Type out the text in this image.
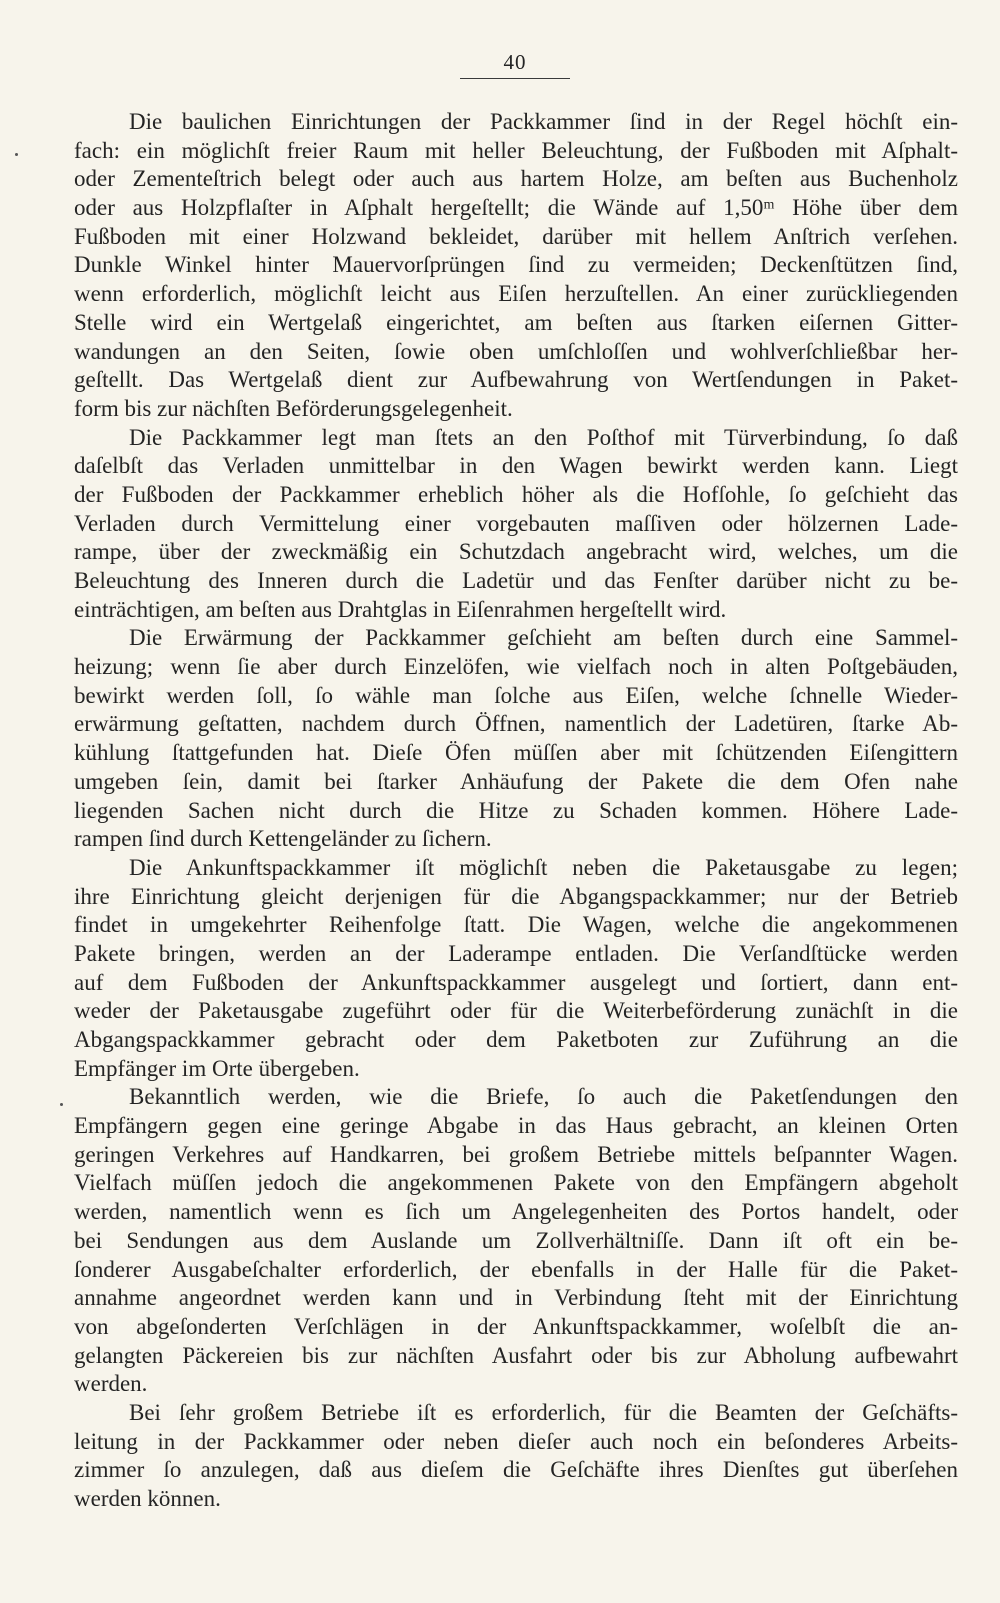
40
Die baulichen Einrichtungen der Packkammer ſind in der Regel höchſt ein-
fach: ein möglichſt freier Raum mit heller Beleuchtung, der Fußboden mit Aſphalt-
oder Zementeſtrich belegt oder auch aus hartem Holze, am beſten aus Buchenholz
oder aus Holzpflaſter in Aſphalt hergeſtellt; die Wände auf 1,50ᵐ Höhe über dem
Fußboden mit einer Holzwand bekleidet, darüber mit hellem Anſtrich verſehen.
Dunkle Winkel hinter Mauervorſprüngen ſind zu vermeiden; Deckenſtützen ſind,
wenn erforderlich, möglichſt leicht aus Eiſen herzuſtellen. An einer zurückliegenden
Stelle wird ein Wertgelaß eingerichtet, am beſten aus ſtarken eiſernen Gitter-
wandungen an den Seiten, ſowie oben umſchloſſen und wohlverſchließbar her-
geſtellt. Das Wertgelaß dient zur Aufbewahrung von Wertſendungen in Paket-
form bis zur nächſten Beförderungsgelegenheit.
Die Packkammer legt man ſtets an den Poſthof mit Türverbindung, ſo daß
daſelbſt das Verladen unmittelbar in den Wagen bewirkt werden kann. Liegt
der Fußboden der Packkammer erheblich höher als die Hofſohle, ſo geſchieht das
Verladen durch Vermittelung einer vorgebauten maſſiven oder hölzernen Lade-
rampe, über der zweckmäßig ein Schutzdach angebracht wird, welches, um die
Beleuchtung des Inneren durch die Ladetür und das Fenſter darüber nicht zu be-
einträchtigen, am beſten aus Drahtglas in Eiſenrahmen hergeſtellt wird.
Die Erwärmung der Packkammer geſchieht am beſten durch eine Sammel-
heizung; wenn ſie aber durch Einzelöfen, wie vielfach noch in alten Poſtgebäuden,
bewirkt werden ſoll, ſo wähle man ſolche aus Eiſen, welche ſchnelle Wieder-
erwärmung geſtatten, nachdem durch Öffnen, namentlich der Ladetüren, ſtarke Ab-
kühlung ſtattgefunden hat. Dieſe Öfen müſſen aber mit ſchützenden Eiſengittern
umgeben ſein, damit bei ſtarker Anhäufung der Pakete die dem Ofen nahe
liegenden Sachen nicht durch die Hitze zu Schaden kommen. Höhere Lade-
rampen ſind durch Kettengeländer zu ſichern.
Die Ankunftspackkammer iſt möglichſt neben die Paketausgabe zu legen;
ihre Einrichtung gleicht derjenigen für die Abgangspackkammer; nur der Betrieb
findet in umgekehrter Reihenfolge ſtatt. Die Wagen, welche die angekommenen
Pakete bringen, werden an der Laderampe entladen. Die Verſandſtücke werden
auf dem Fußboden der Ankunftspackkammer ausgelegt und ſortiert, dann ent-
weder der Paketausgabe zugeführt oder für die Weiterbeförderung zunächſt in die
Abgangspackkammer gebracht oder dem Paketboten zur Zuführung an die
Empfänger im Orte übergeben.
Bekanntlich werden, wie die Briefe, ſo auch die Paketſendungen den
Empfängern gegen eine geringe Abgabe in das Haus gebracht, an kleinen Orten
geringen Verkehres auf Handkarren, bei großem Betriebe mittels beſpannter Wagen.
Vielfach müſſen jedoch die angekommenen Pakete von den Empfängern abgeholt
werden, namentlich wenn es ſich um Angelegenheiten des Portos handelt, oder
bei Sendungen aus dem Auslande um Zollverhältniſſe. Dann iſt oft ein be-
ſonderer Ausgabeſchalter erforderlich, der ebenfalls in der Halle für die Paket-
annahme angeordnet werden kann und in Verbindung ſteht mit der Einrichtung
von abgeſonderten Verſchlägen in der Ankunftspackkammer, woſelbſt die an-
gelangten Päckereien bis zur nächſten Ausfahrt oder bis zur Abholung aufbewahrt
werden.
Bei ſehr großem Betriebe iſt es erforderlich, für die Beamten der Geſchäfts-
leitung in der Packkammer oder neben dieſer auch noch ein beſonderes Arbeits-
zimmer ſo anzulegen, daß aus dieſem die Geſchäfte ihres Dienſtes gut überſehen
werden können.
